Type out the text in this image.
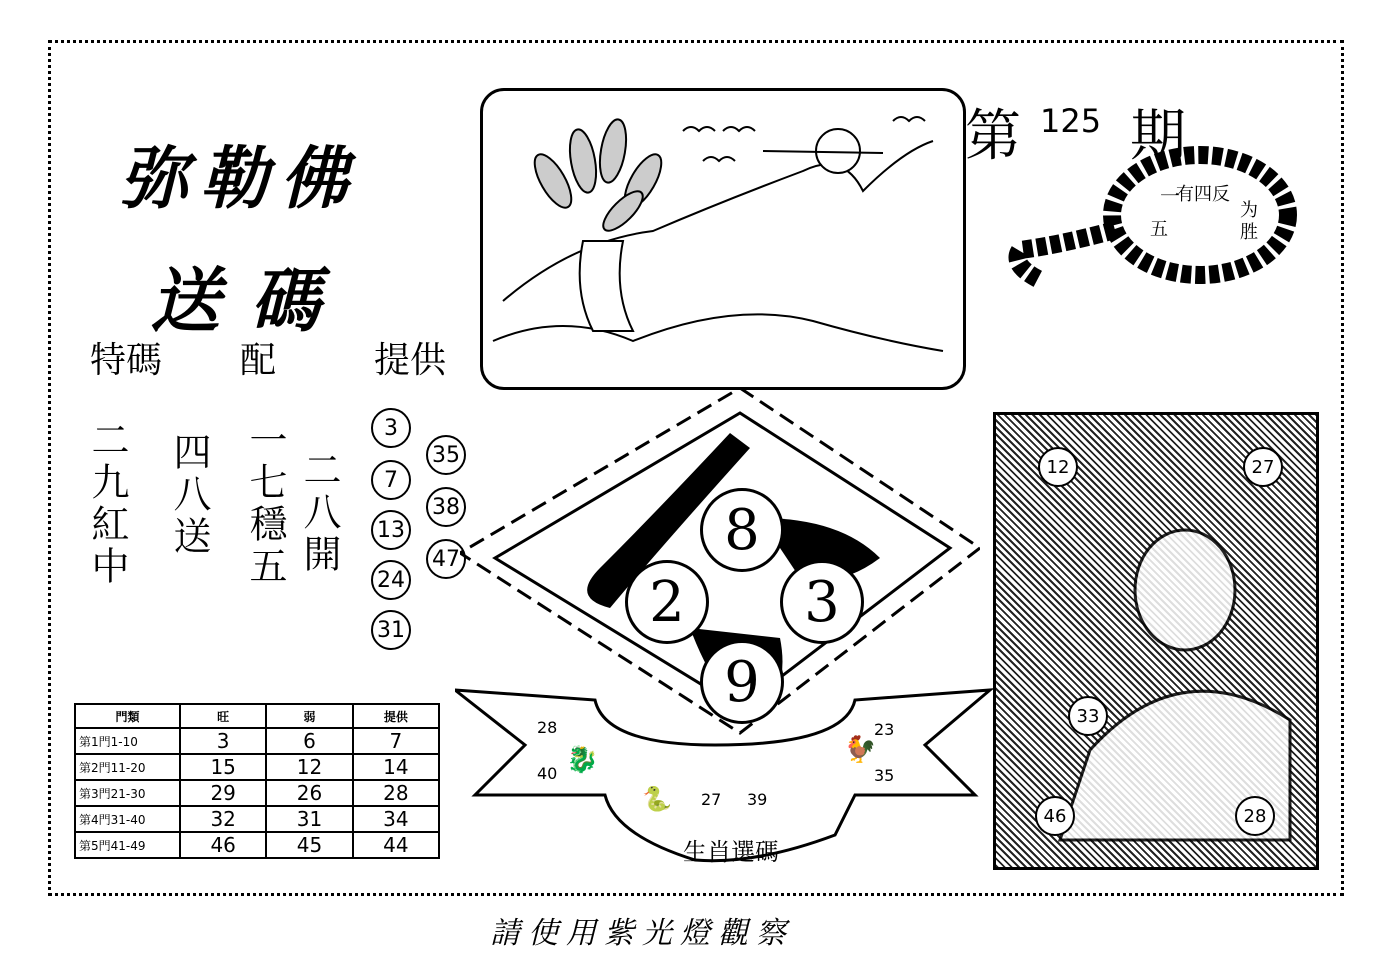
弥勒佛
送碼
特碼 配	提供
二九紅中 四八送 一七穩五 二八開
3
7
13
24
31
35
38
47
第 125 期
一
有四反
五
为
胜
8
2	3
9
28
40
23
35
27 39
🐉	🐓
🐍
生肖選碼
12	27
33
46	28
門類	旺	弱	提供
第1門1-10	3	6	7
第2門11-20	15	12	14
第3門21-30	29	26	28
第4門31-40	32	31	34
第5門41-49	46	45	44
請使用紫光燈觀察
